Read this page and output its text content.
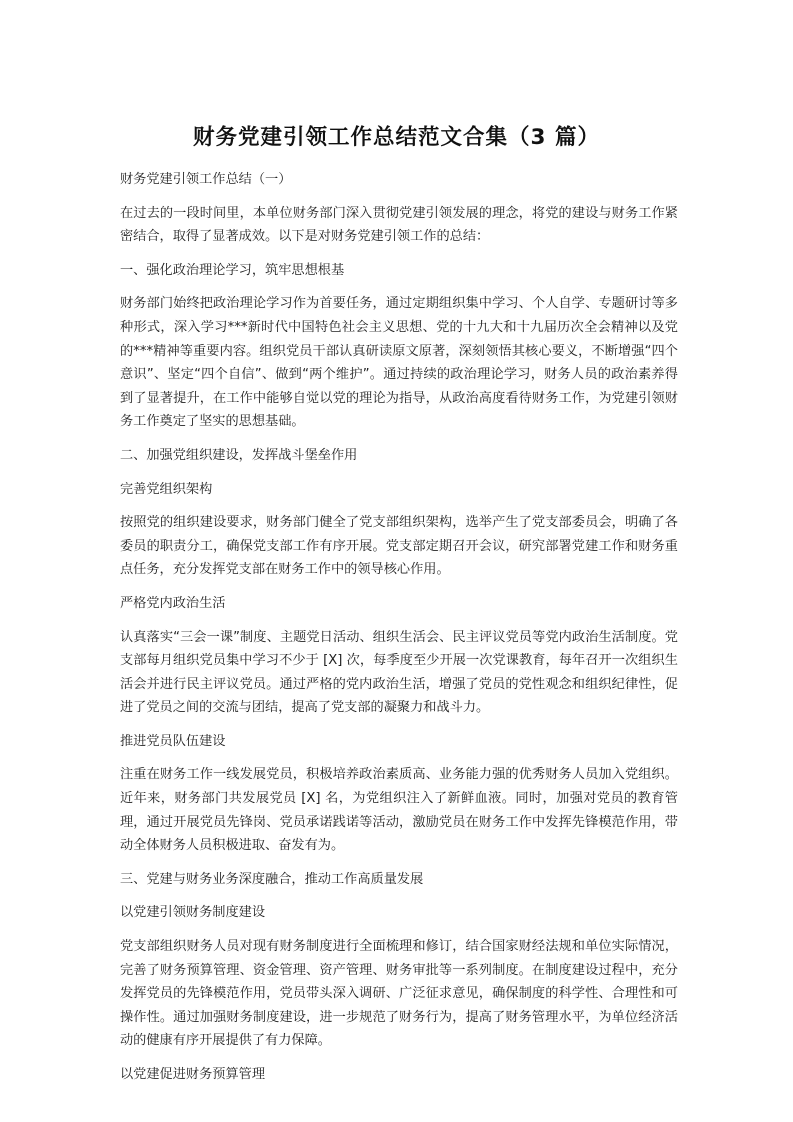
财务党建引领工作总结范文合集（3 篇）

财务党建引领工作总结（一）

在过去的一段时间里，本单位财务部门深入贯彻党建引领发展的理念，将党的建设与财务工作紧密结合，取得了显著成效。以下是对财务党建引领工作的总结：

一、强化政治理论学习，筑牢思想根基

财务部门始终把政治理论学习作为首要任务，通过定期组织集中学习、个人自学、专题研讨等多种形式，深入学习***新时代中国特色社会主义思想、党的十九大和十九届历次全会精神以及党的***精神等重要内容。组织党员干部认真研读原文原著，深刻领悟其核心要义，不断增强“四个意识”、坚定“四个自信”、做到“两个维护”。通过持续的政治理论学习，财务人员的政治素养得到了显著提升，在工作中能够自觉以党的理论为指导，从政治高度看待财务工作，为党建引领财务工作奠定了坚实的思想基础。

二、加强党组织建设，发挥战斗堡垒作用

完善党组织架构

按照党的组织建设要求，财务部门健全了党支部组织架构，选举产生了党支部委员会，明确了各委员的职责分工，确保党支部工作有序开展。党支部定期召开会议，研究部署党建工作和财务重点任务，充分发挥党支部在财务工作中的领导核心作用。

严格党内政治生活

认真落实“三会一课”制度、主题党日活动、组织生活会、民主评议党员等党内政治生活制度。党支部每月组织党员集中学习不少于 [X] 次，每季度至少开展一次党课教育，每年召开一次组织生活会并进行民主评议党员。通过严格的党内政治生活，增强了党员的党性观念和组织纪律性，促进了党员之间的交流与团结，提高了党支部的凝聚力和战斗力。

推进党员队伍建设

注重在财务工作一线发展党员，积极培养政治素质高、业务能力强的优秀财务人员加入党组织。近年来，财务部门共发展党员 [X] 名，为党组织注入了新鲜血液。同时，加强对党员的教育管理，通过开展党员先锋岗、党员承诺践诺等活动，激励党员在财务工作中发挥先锋模范作用，带动全体财务人员积极进取、奋发有为。

三、党建与财务业务深度融合，推动工作高质量发展

以党建引领财务制度建设

党支部组织财务人员对现有财务制度进行全面梳理和修订，结合国家财经法规和单位实际情况，完善了财务预算管理、资金管理、资产管理、财务审批等一系列制度。在制度建设过程中，充分发挥党员的先锋模范作用，党员带头深入调研、广泛征求意见，确保制度的科学性、合理性和可操作性。通过加强财务制度建设，进一步规范了财务行为，提高了财务管理水平，为单位经济活动的健康有序开展提供了有力保障。

以党建促进财务预算管理
